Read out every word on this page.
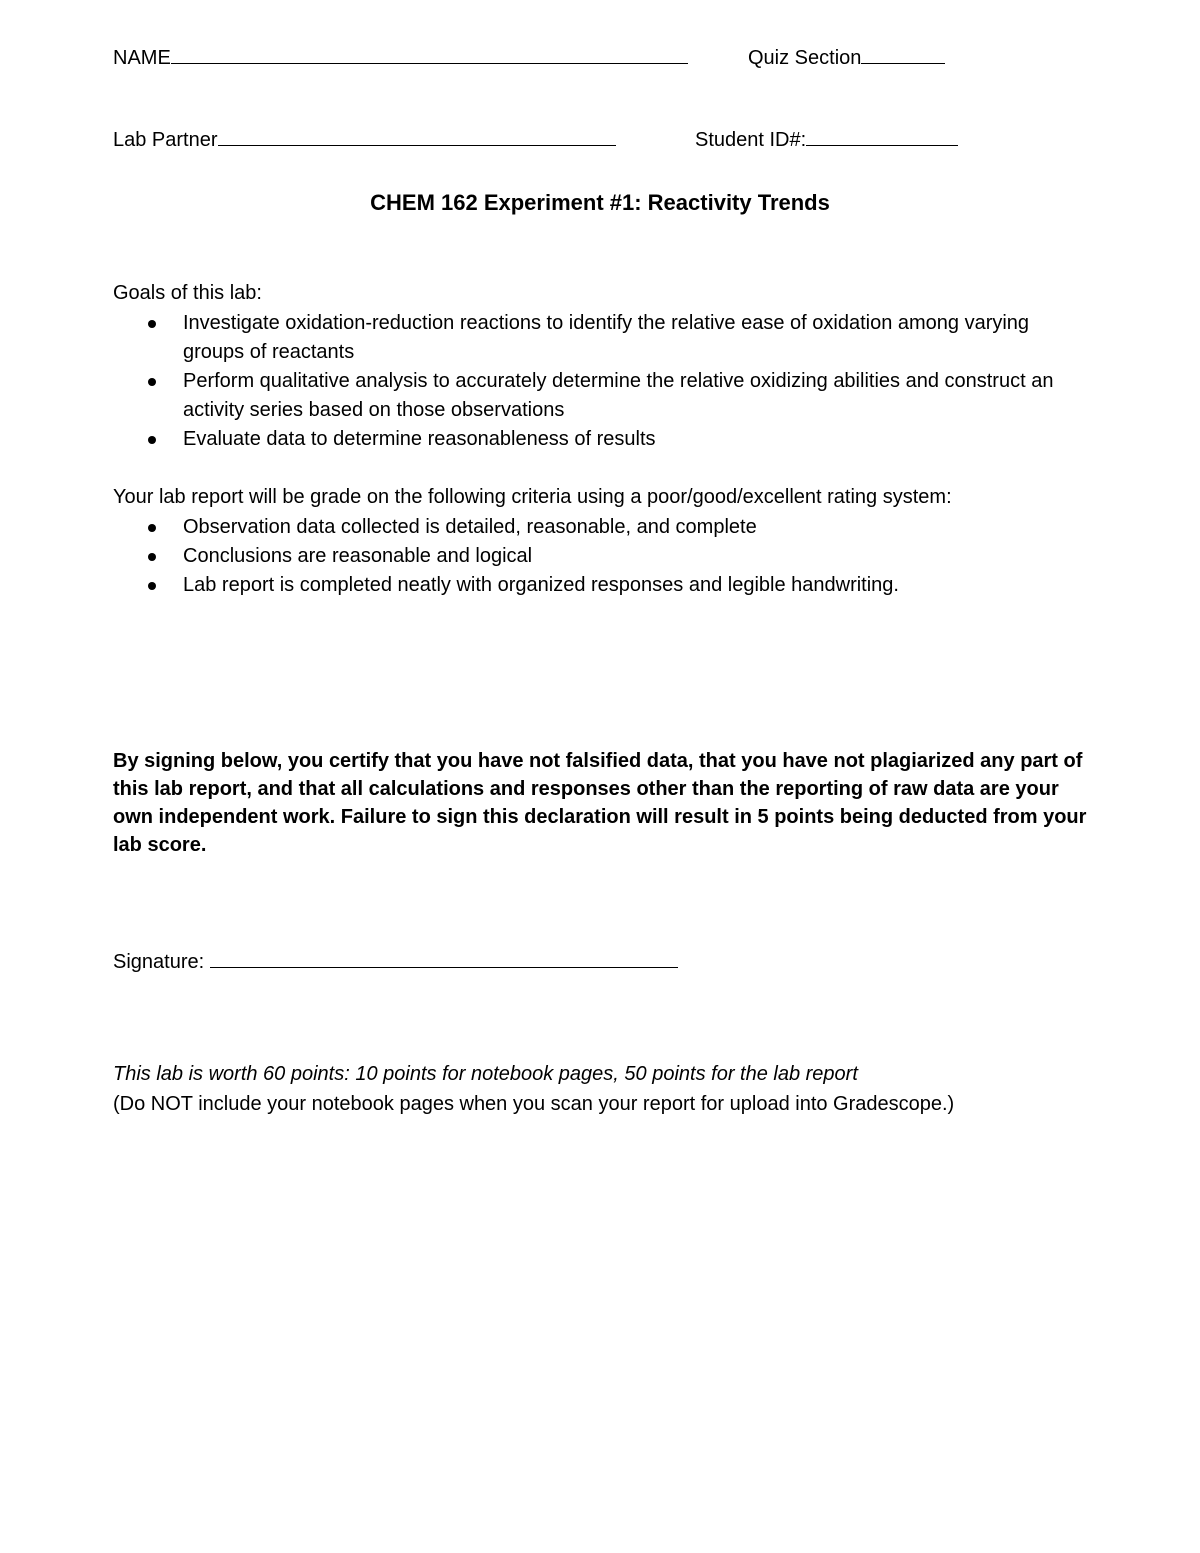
NAME	Quiz Section
Lab Partner	Student ID#:
CHEM 162 Experiment #1: Reactivity Trends
Goals of this lab:
Investigate oxidation-reduction reactions to identify the relative ease of oxidation among varying groups of reactants
Perform qualitative analysis to accurately determine the relative oxidizing abilities and construct an activity series based on those observations
Evaluate data to determine reasonableness of results
Your lab report will be grade on the following criteria using a poor/good/excellent rating system:
Observation data collected is detailed, reasonable, and complete
Conclusions are reasonable and logical
Lab report is completed neatly with organized responses and legible handwriting.
By signing below, you certify that you have not falsified data, that you have not plagiarized any part of this lab report, and that all calculations and responses other than the reporting of raw data are your own independent work. Failure to sign this declaration will result in 5 points being deducted from your lab score.
Signature:
This lab is worth 60 points: 10 points for notebook pages, 50 points for the lab report
(Do NOT include your notebook pages when you scan your report for upload into Gradescope.)
